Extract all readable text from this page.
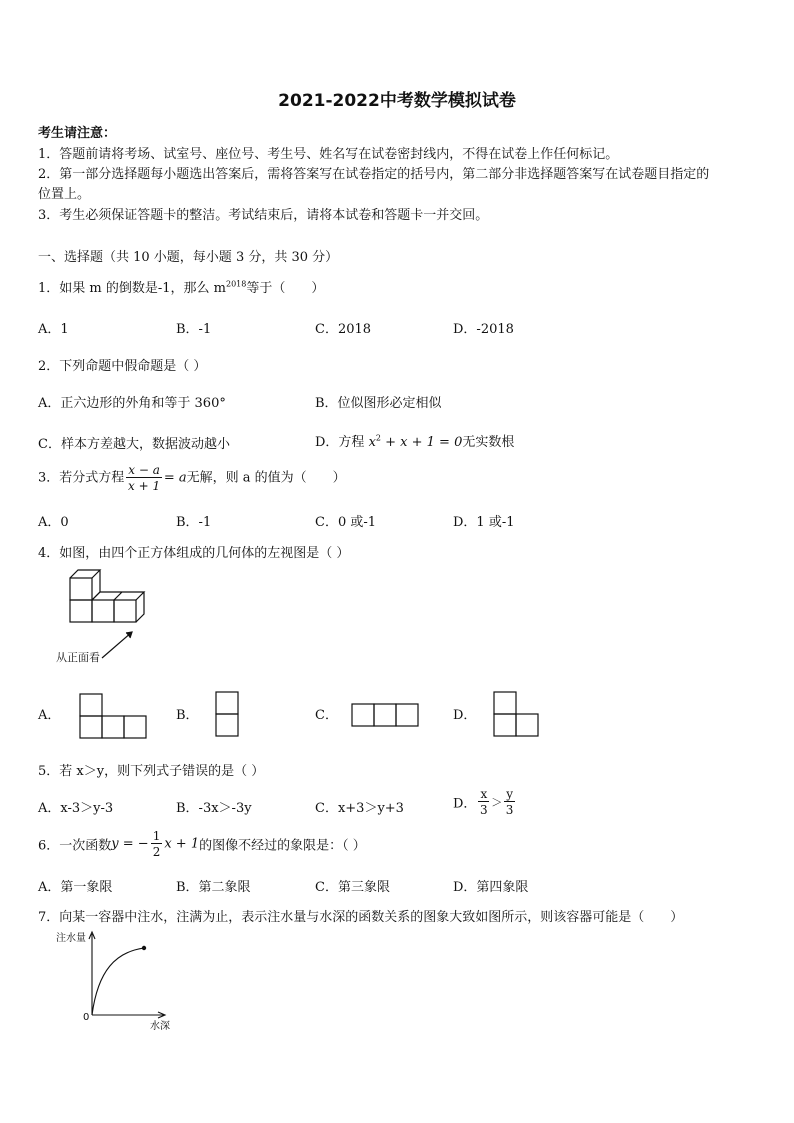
2021-2022中考数学模拟试卷
考生请注意：
1．答题前请将考场、试室号、座位号、考生号、姓名写在试卷密封线内，不得在试卷上作任何标记。
2．第一部分选择题每小题选出答案后，需将答案写在试卷指定的括号内，第二部分非选择题答案写在试卷题目指定的
位置上。
3．考生必须保证答题卡的整洁。考试结束后，请将本试卷和答题卡一并交回。
一、选择题（共 10 小题，每小题 3 分，共 30 分）
1．如果 m 的倒数是-1，那么 $m^{2018}$等于（　　）
A．1	B．-1	C．2018	D．-2018
2．下列命题中假命题是（ ）
A．正六边形的外角和等于 360°	B．位似图形必定相似
C．样本方差越大，数据波动越小	D．方程 $x^2 + x + 1 = 0$无实数根
3．若分式方程 $\frac{x - a}{x + 1} = a$无解，则 a 的值为（　　）
A．0	B．-1	C．0 或-1	D．1 或-1
4．如图，由四个正方体组成的几何体的左视图是（ ）
从正面看
A．	B．	C．	D．
5．若 x＞y，则下列式子错误的是（ ）
A．x-3＞y-3	B．-3x＞-3y	C．x+3＞y+3	D． $\frac{x}{3} > \frac{y}{3}$
6．一次函数y = − $\frac{1}{2}$ x + 1的图像不经过的象限是：（ ）
A．第一象限	B．第二象限	C．第三象限	D．第四象限
7．向某一容器中注水，注满为止，表示注水量与水深的函数关系的图象大致如图所示，则该容器可能是（　　）
注水量
水深
0
